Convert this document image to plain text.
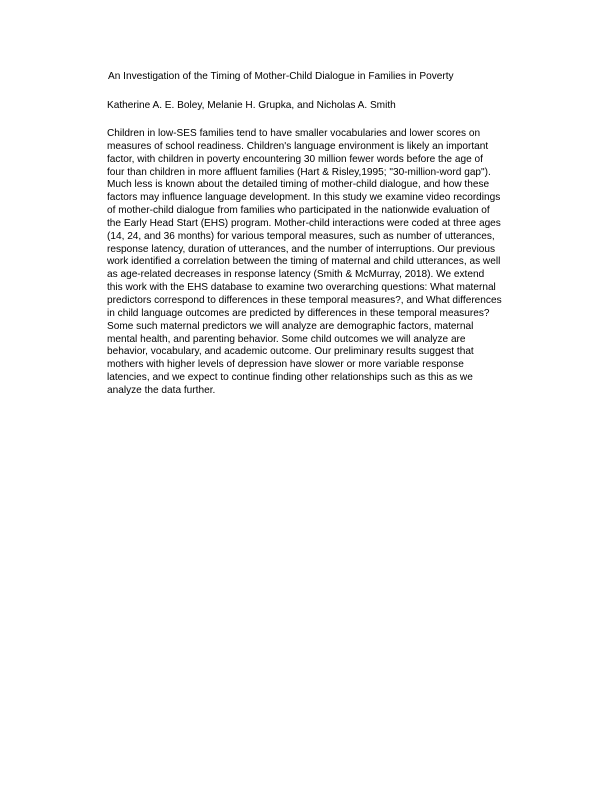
An Investigation of the Timing of Mother-Child Dialogue in Families in Poverty
Katherine A. E. Boley, Melanie H. Grupka, and Nicholas A. Smith
Children in low-SES families tend to have smaller vocabularies and lower scores on
measures of school readiness. Children's language environment is likely an important
factor, with children in poverty encountering 30 million fewer words before the age of
four than children in more affluent families (Hart & Risley,1995; "30-million-word gap").
Much less is known about the detailed timing of mother-child dialogue, and how these
factors may influence language development. In this study we examine video recordings
of mother-child dialogue from families who participated in the nationwide evaluation of
the Early Head Start (EHS) program. Mother-child interactions were coded at three ages
(14, 24, and 36 months) for various temporal measures, such as number of utterances,
response latency, duration of utterances, and the number of interruptions. Our previous
work identified a correlation between the timing of maternal and child utterances, as well
as age-related decreases in response latency (Smith & McMurray, 2018). We extend
this work with the EHS database to examine two overarching questions: What maternal
predictors correspond to differences in these temporal measures?, and What differences
in child language outcomes are predicted by differences in these temporal measures?
Some such maternal predictors we will analyze are demographic factors, maternal
mental health, and parenting behavior. Some child outcomes we will analyze are
behavior, vocabulary, and academic outcome. Our preliminary results suggest that
mothers with higher levels of depression have slower or more variable response
latencies, and we expect to continue finding other relationships such as this as we
analyze the data further.
